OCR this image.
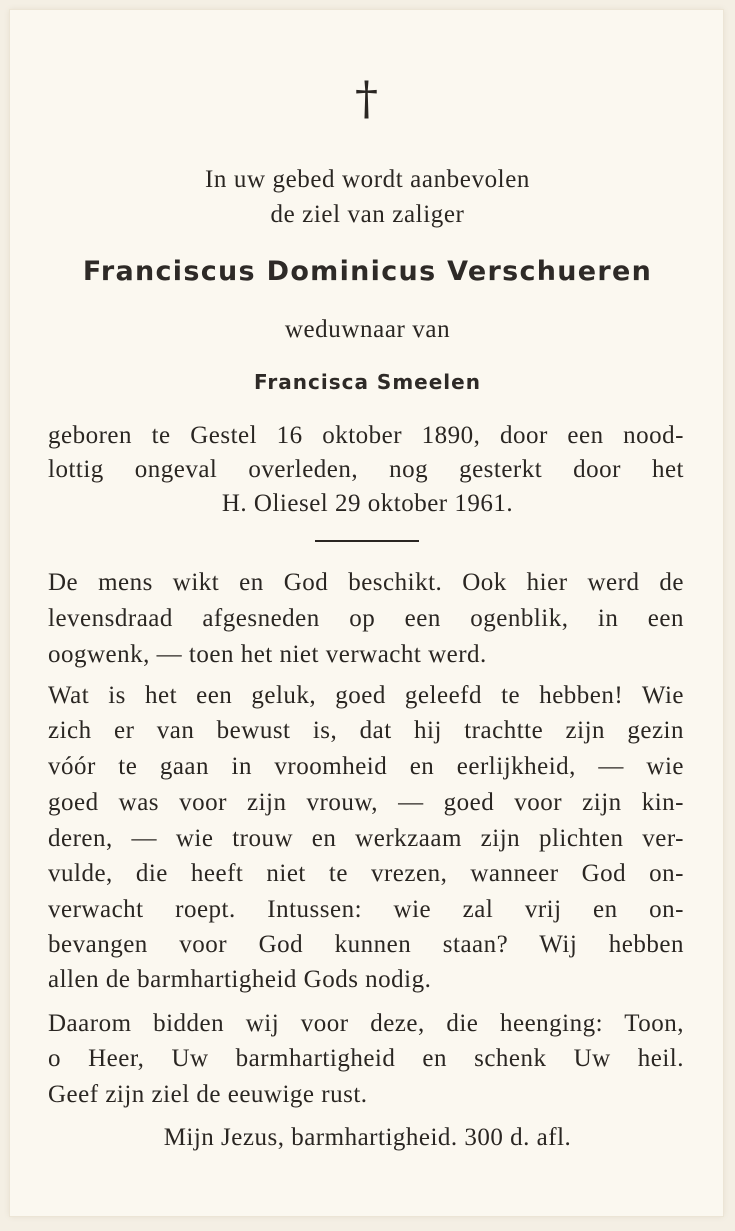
†
In uw gebed wordt aanbevolen
de ziel van zaliger
Franciscus Dominicus Verschueren
weduwnaar van
Francisca Smeelen
geboren te Gestel 16 oktober 1890, door een nood-
lottig ongeval overleden, nog gesterkt door het
H. Oliesel 29 oktober 1961.
De mens wikt en God beschikt. Ook hier werd de
levensdraad afgesneden op een ogenblik, in een
oogwenk, — toen het niet verwacht werd.
Wat is het een geluk, goed geleefd te hebben! Wie
zich er van bewust is, dat hij trachtte zijn gezin
vóór te gaan in vroomheid en eerlijkheid, — wie
goed was voor zijn vrouw, — goed voor zijn kin-
deren, — wie trouw en werkzaam zijn plichten ver-
vulde, die heeft niet te vrezen, wanneer God on-
verwacht roept. Intussen: wie zal vrij en on-
bevangen voor God kunnen staan? Wij hebben
allen de barmhartigheid Gods nodig.
Daarom bidden wij voor deze, die heenging: Toon,
o Heer, Uw barmhartigheid en schenk Uw heil.
Geef zijn ziel de eeuwige rust.
Mijn Jezus, barmhartigheid. 300 d. afl.
